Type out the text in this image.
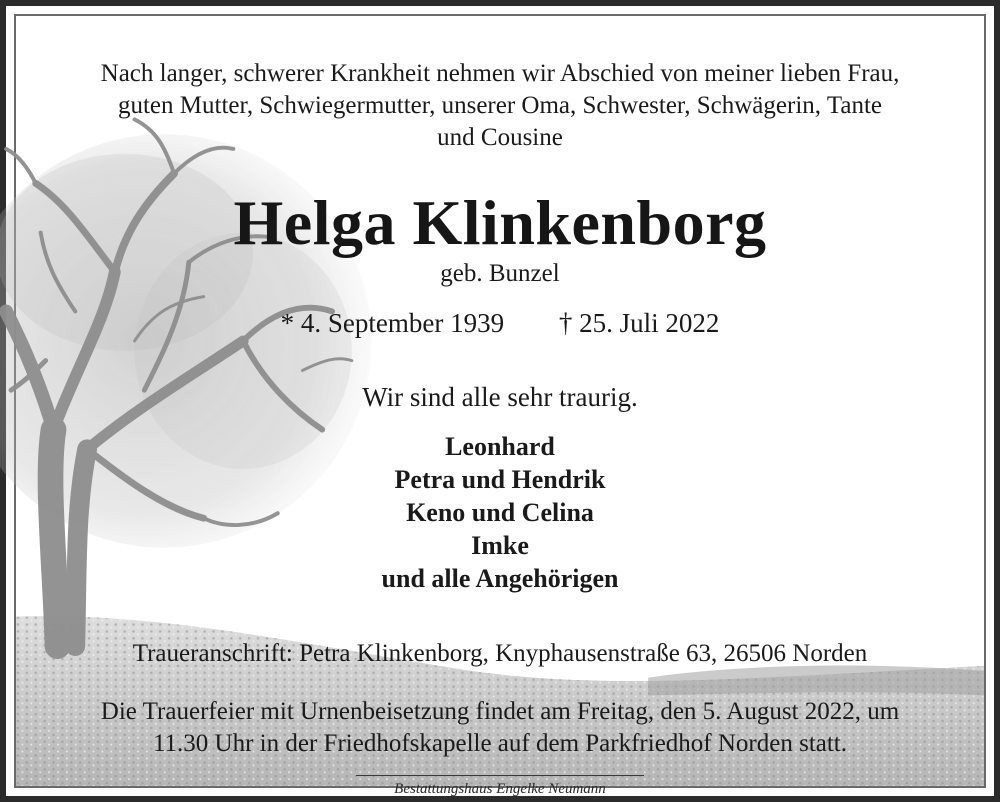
Nach langer, schwerer Krankheit nehmen wir Abschied von meiner lieben Frau,
guten Mutter, Schwiegermutter, unserer Oma, Schwester, Schwägerin, Tante
und Cousine
Helga Klinkenborg
geb. Bunzel
* 4. September 1939 † 25. Juli 2022
Wir sind alle sehr traurig.
Leonhard
Petra und Hendrik
Keno und Celina
Imke
und alle Angehörigen
Traueranschrift: Petra Klinkenborg, Knyphausenstraße 63, 26506 Norden
Die Trauerfeier mit Urnenbeisetzung findet am Freitag, den 5. August 2022, um
11.30 Uhr in der Friedhofskapelle auf dem Parkfriedhof Norden statt.
Bestattungshaus Engelke Neumann
